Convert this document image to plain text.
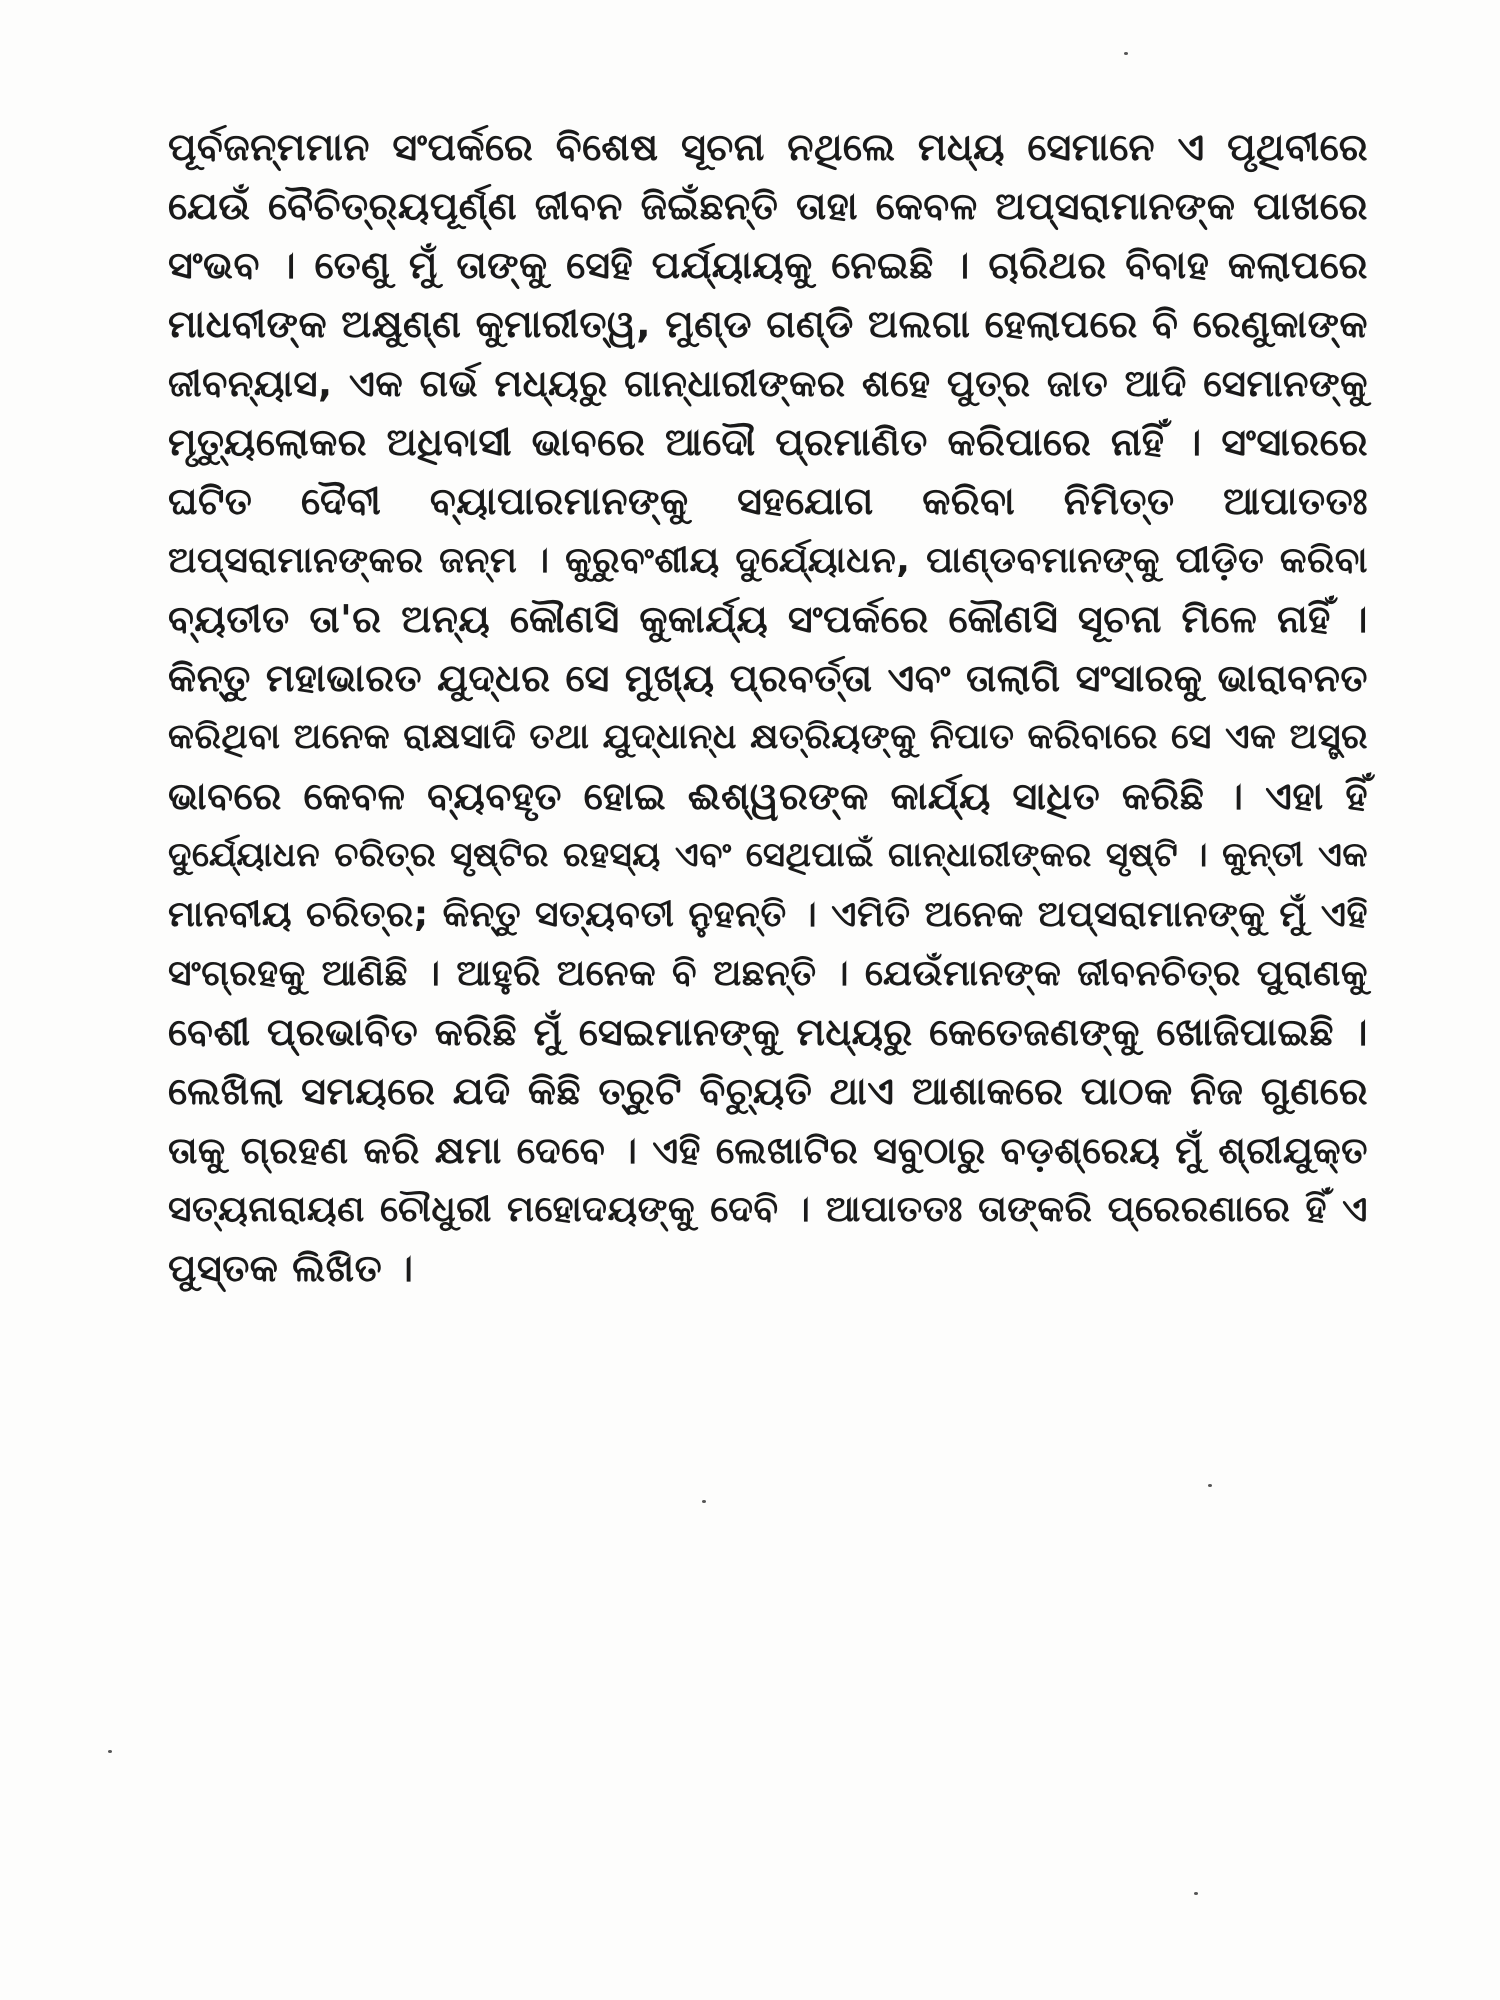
ପୂର୍ବଜନ୍ମମାନ ସଂପର୍କରେ ବିଶେଷ ସୂଚନା ନଥିଲେ ମଧ୍ୟ ସେମାନେ ଏ ପୃଥିବୀରେ
ଯେଉଁ ବୈଚିତ୍ର୍ୟପୂର୍ଣ୍ଣ ଜୀବନ ଜିଇଁଛନ୍ତି ତାହା କେବଳ ଅପ୍‌ସରାମାନଙ୍କ ପାଖରେ
ସଂଭବ । ତେଣୁ ମୁଁ ତାଙ୍କୁ ସେହି ପର୍ଯ୍ୟାୟକୁ ନେଇଛି । ଚାରିଥର ବିବାହ କଲାପରେ
ମାଧବୀଙ୍କ ଅକ୍ଷୁଣ୍ଣ କୁମାରୀତ୍ୱ, ମୁଣ୍ଡ ଗଣ୍ଡି ଅଲଗା ହେଲାପରେ ବି ରେଣୁକାଙ୍କ
ଜୀବନ୍ୟାସ, ଏକ ଗର୍ଭ ମଧ୍ୟରୁ ଗାନ୍ଧାରୀଙ୍କର ଶହେ ପୁତ୍ର ଜାତ ଆଦି ସେମାନଙ୍କୁ
ମୃତ୍ୟୁଲୋକର ଅଧିବାସୀ ଭାବରେ ଆଦୌ ପ୍ରମାଣିତ କରିପାରେ ନାହିଁ । ସଂସାରରେ
ଘଟିତ ଦୈବୀ ବ୍ୟାପାରମାନଙ୍କୁ ସହଯୋଗ କରିବା ନିମିତ୍ତ ଆପାତତଃ
ଅପ୍‌ସରାମାନଙ୍କର ଜନ୍ମ । କୁରୁବଂଶୀୟ ଦୁର୍ଯ୍ୟୋଧନ, ପାଣ୍ଡବମାନଙ୍କୁ ପୀଡ଼ିତ କରିବା
ବ୍ୟତୀତ ତା'ର ଅନ୍ୟ କୌଣସି କୁକାର୍ଯ୍ୟ ସଂପର୍କରେ କୌଣସି ସୂଚନା ମିଳେ ନାହିଁ ।
କିନ୍ତୁ ମହାଭାରତ ଯୁଦ୍ଧର ସେ ମୁଖ୍ୟ ପ୍ରବର୍ତ୍ତା ଏବଂ ତାଲାଗି ସଂସାରକୁ ଭାରାବନତ
କରିଥିବା ଅନେକ ରାକ୍ଷସାଦି ତଥା ଯୁଦ୍ଧାନ୍ଧ କ୍ଷତ୍ରିୟଙ୍କୁ ନିପାତ କରିବାରେ ସେ ଏକ ଅସ୍ତ୍ର
ଭାବରେ କେବଳ ବ୍ୟବହୃତ ହୋଇ ଈଶ୍ୱରଙ୍କ କାର୍ଯ୍ୟ ସାଧିତ କରିଛି । ଏହା ହିଁ
ଦୁର୍ଯ୍ୟୋଧନ ଚରିତ୍ର ସୃଷ୍ଟିର ରହସ୍ୟ ଏବଂ ସେଥିପାଇଁ ଗାନ୍ଧାରୀଙ୍କର ସୃଷ୍ଟି । କୁନ୍ତୀ ଏକ
ମାନବୀୟ ଚରିତ୍ର; କିନ୍ତୁ ସତ୍ୟବତୀ ନୁହନ୍ତି । ଏମିତି ଅନେକ ଅପ୍‌ସରାମାନଙ୍କୁ ମୁଁ ଏହି
ସଂଗ୍ରହକୁ ଆଣିଛି । ଆହୁରି ଅନେକ ବି ଅଛନ୍ତି । ଯେଉଁମାନଙ୍କ ଜୀବନଚିତ୍ର ପୁରାଣକୁ
ବେଶୀ ପ୍ରଭାବିତ କରିଛି ମୁଁ ସେଇମାନଙ୍କୁ ମଧ୍ୟରୁ କେତେଜଣଙ୍କୁ ଖୋଜିପାଇଛି ।
ଲେଖିଲା ସମୟରେ ଯଦି କିଛି ତ୍ରୁଟି ବିଚ୍ୟୁତି ଥାଏ ଆଶାକରେ ପାଠକ ନିଜ ଗୁଣରେ
ତାକୁ ଗ୍ରହଣ କରି କ୍ଷମା ଦେବେ । ଏହି ଲେଖାଟିର ସବୁଠାରୁ ବଡ଼ଶ୍ରେୟ ମୁଁ ଶ୍ରୀଯୁକ୍ତ
ସତ୍ୟନାରାୟଣ ଚୌଧୁରୀ ମହୋଦୟଙ୍କୁ ଦେବି । ଆପାତତଃ ତାଙ୍କରି ପ୍ରେରଣାରେ ହିଁ ଏ
ପୁସ୍ତକ ଲିଖିତ ।
